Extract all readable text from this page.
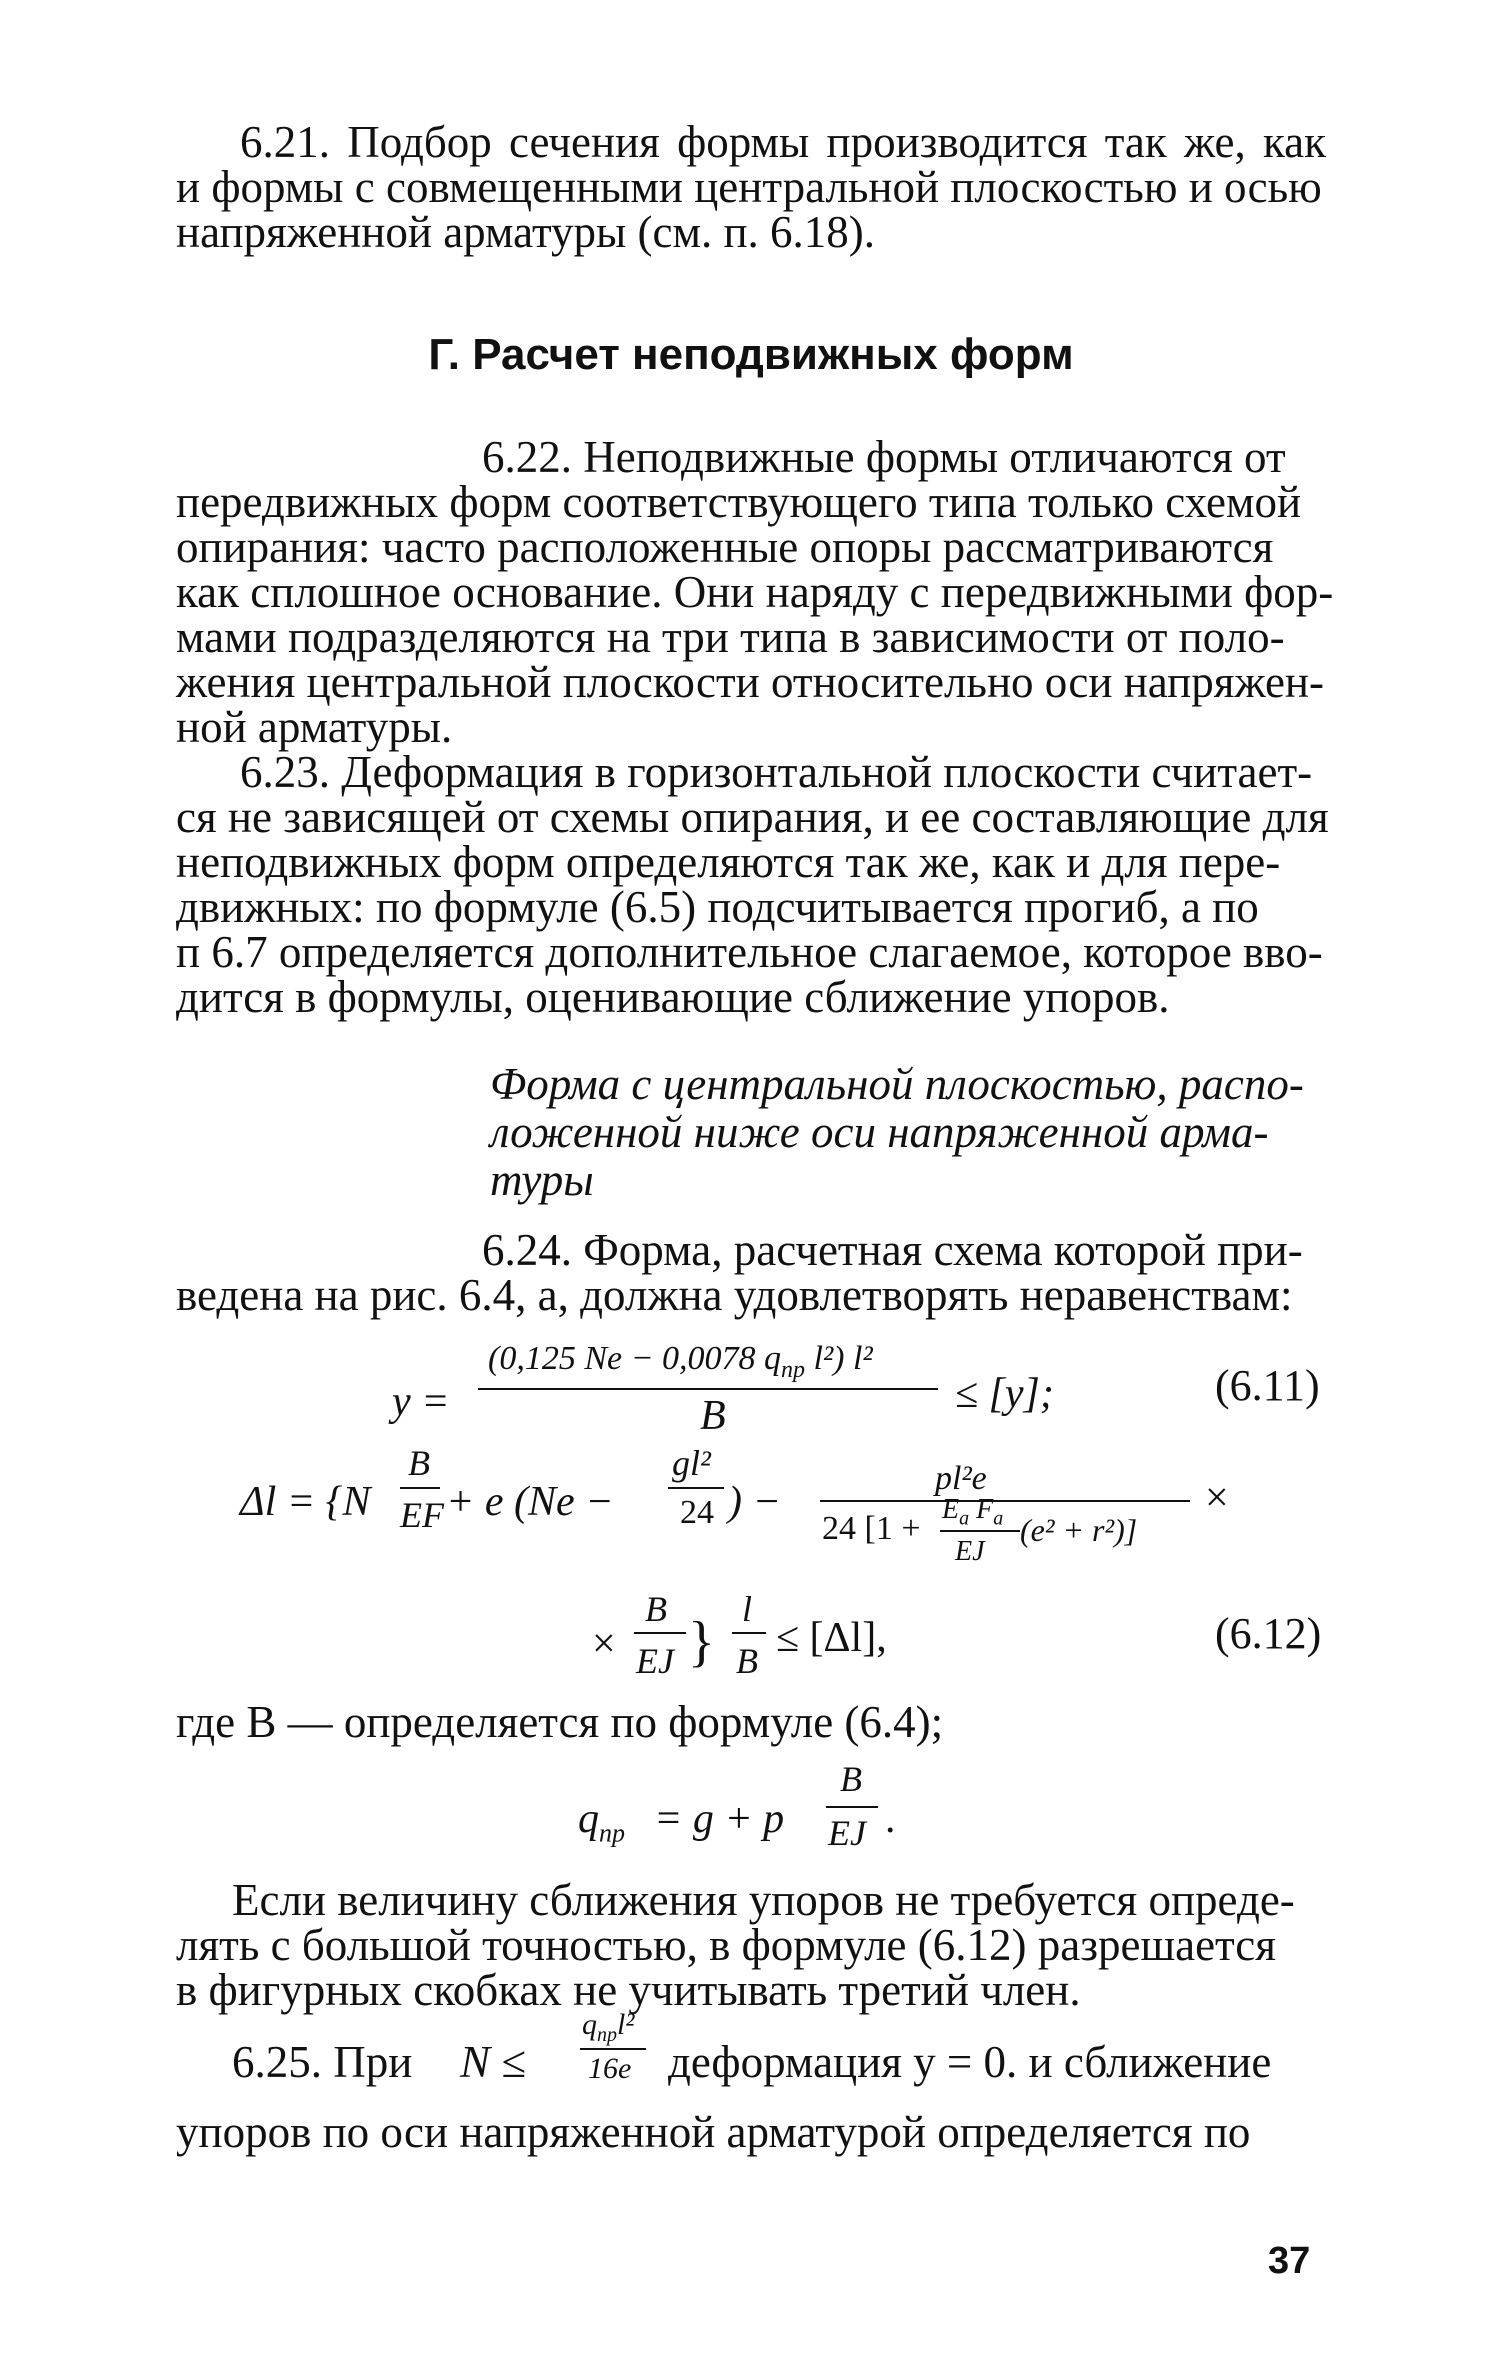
6.21. Подбор сечения формы производится так же, как
и формы с совмещенными центральной плоскостью и осью
напряженной арматуры (см. п. 6.18).
Г. Расчет неподвижных форм
6.22. Неподвижные формы отличаются от
передвижных форм соответствующего типа только схемой
опирания: часто расположенные опоры рассматриваются
как сплошное основание. Они наряду с передвижными фор-
мами подразделяются на три типа в зависимости от поло-
жения центральной плоскости относительно оси напряжен-
ной арматуры.
6.23. Деформация в горизонтальной плоскости считает-
ся не зависящей от схемы опирания, и ее составляющие для
неподвижных форм определяются так же, как и для пере-
движных: по формуле (6.5) подсчитывается прогиб, а по
п 6.7 определяется дополнительное слагаемое, которое вво-
дится в формулы, оценивающие сближение упоров.
Форма с центральной плоскостью, распо-
ложенной ниже оси напряженной арма-
туры
6.24. Форма, расчетная схема которой при-
ведена на рис. 6.4, а, должна удовлетворять неравенствам:
y =
(0,125 Ne − 0,0078 $q_{пр}$ l²) l²
B	≤ [y];	(6.11)
Δl = {N
B
EF + e (Ne −
gl²
24 ) −
pl²e
24 [1 +
$E_a$ $F_a$
EJ
(e² + r²)]
×
×
B
EJ }
l
B ≤ [Δl],	(6.12)
где B — определяется по формуле (6.4);
$q_{пр} = g + p$
B
EJ .
Если величину сближения упоров не требуется опреде-
лять с большой точностью, в формуле (6.12) разрешается
в фигурных скобках не учитывать третий член.
6.25. При N ≤
$q_{пр}l^2$
16e деформация y = 0. и сближение
упоров по оси напряженной арматурой определяется по
37
